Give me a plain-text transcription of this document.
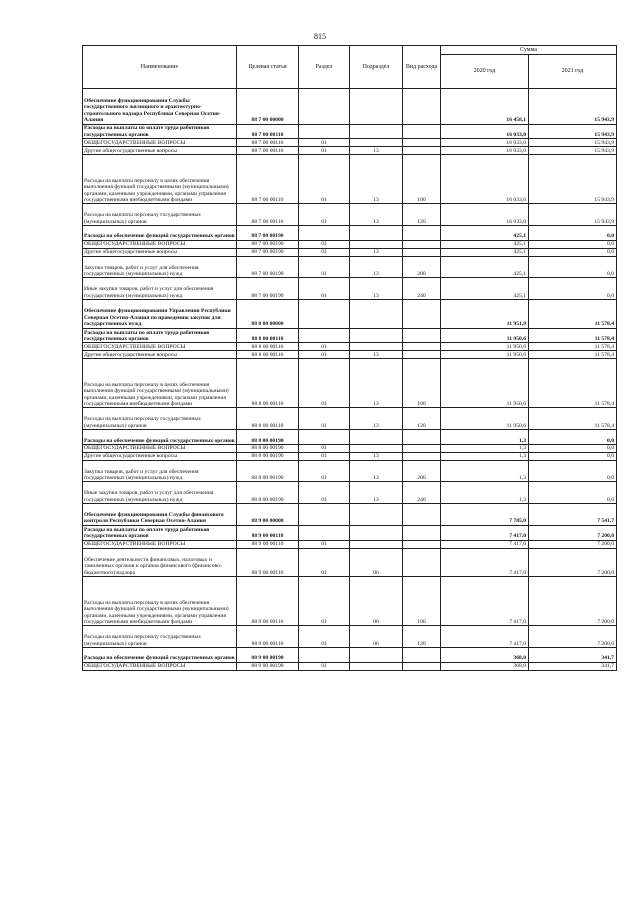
815
Наименование	Целевая статья	Раздел	Подраздел	Вид расхода	Сумма	
					2020 год	2021 год
Обеспечение функционирования Службы государственного жилищного и архитектурно-строительного надзора Республики Северная Осетия-Алания	88 7 00 00000				16 458,1	15 943,9
Расходы на выплаты по оплате труда работников государственных органов	88 7 00 00110				16 033,0	15 943,9
ОБЩЕГОСУДАРСТВЕННЫЕ ВОПРОСЫ	88 7 00 00110	01			16 033,0	15 943,9
Другие общегосударственные вопросы	88 7 00 00110	01	13		16 033,0	15 943,9
Расходы на выплаты персоналу в целях обеспечения выполнения функций государственными (муниципальными) органами, казенными учреждениями, органами управления государственными внебюджетными фондами	88 7 00 00110	01	13	100	16 033,0	15 943,9
Расходы на выплаты персоналу государственных (муниципальных) органов	88 7 00 00110	01	13	120	16 033,0	15 943,9
Расходы на обеспечение функций государственных органов	88 7 00 00190				425,1	0,0
ОБЩЕГОСУДАРСТВЕННЫЕ ВОПРОСЫ	88 7 00 00190	01			425,1	0,0
Другие общегосударственные вопросы	88 7 00 00190	01	13		425,1	0,0
Закупка товаров, работ и услуг для обеспечения государственных (муниципальных) нужд	88 7 00 00190	01	13	200	425,1	0,0
Иные закупки товаров, работ и услуг для обеспечения государственных (муниципальных) нужд	88 7 00 00190	01	13	240	425,1	0,0
Обеспечение функционирования Управления Республики Северная Осетия-Алания по проведению закупок для государственных нужд	88 8 00 00000				11 951,9	11 578,4
Расходы на выплаты по оплате труда работников государственных органов	88 8 00 00110				11 950,6	11 578,4
ОБЩЕГОСУДАРСТВЕННЫЕ ВОПРОСЫ	88 8 00 00110	01			11 950,6	11 578,4
Другие общегосударственные вопросы	88 8 00 00110	01	13		11 950,6	11 578,4
Расходы на выплаты персоналу в целях обеспечения выполнения функций государственными (муниципальными) органами, казенными учреждениями, органами управления государственными внебюджетными фондами	88 8 00 00110	01	13	100	11 950,6	11 578,4
Расходы на выплаты персоналу государственных (муниципальных) органов	88 8 00 00110	01	13	120	11 950,6	11 578,4
Расходы на обеспечение функций государственных органов	88 8 00 00190				1,3	0,0
ОБЩЕГОСУДАРСТВЕННЫЕ ВОПРОСЫ	88 8 00 00190	01			1,3	0,0
Другие общегосударственные вопросы	88 8 00 00190	01	13		1,3	0,0
Закупка товаров, работ и услуг для обеспечения государственных (муниципальных) нужд	88 8 00 00190	01	13	200	1,3	0,0
Иные закупки товаров, работ и услуг для обеспечения государственных (муниципальных) нужд	88 8 00 00190	01	13	240	1,3	0,0
Обеспечение функционирования Службы финансового контроля Республики Северная Осетия-Алания	88 9 00 00000				7 785,0	7 541,7
Расходы на выплаты по оплате труда работников государственных органов	88 9 00 00110				7 417,0	7 200,0
ОБЩЕГОСУДАРСТВЕННЫЕ ВОПРОСЫ	88 9 00 00110	01			7 417,0	7 200,0
Обеспечение деятельности финансовых, налоговых и таможенных органов и органов финансового (финансово-бюджетного) надзора	88 9 00 00110	01	06		7 417,0	7 200,0
Расходы на выплаты персоналу в целях обеспечения выполнения функций государственными (муниципальными) органами, казенными учреждениями, органами управления государственными внебюджетными фондами	88 9 00 00110	01	06	100	7 417,0	7 200,0
Расходы на выплаты персоналу государственных (муниципальных) органов	88 9 00 00110	01	06	120	7 417,0	7 200,0
Расходы на обеспечение функций государственных органов	88 9 00 00190				368,0	341,7
ОБЩЕГОСУДАРСТВЕННЫЕ ВОПРОСЫ	88 9 00 00190	01			368,0	341,7
